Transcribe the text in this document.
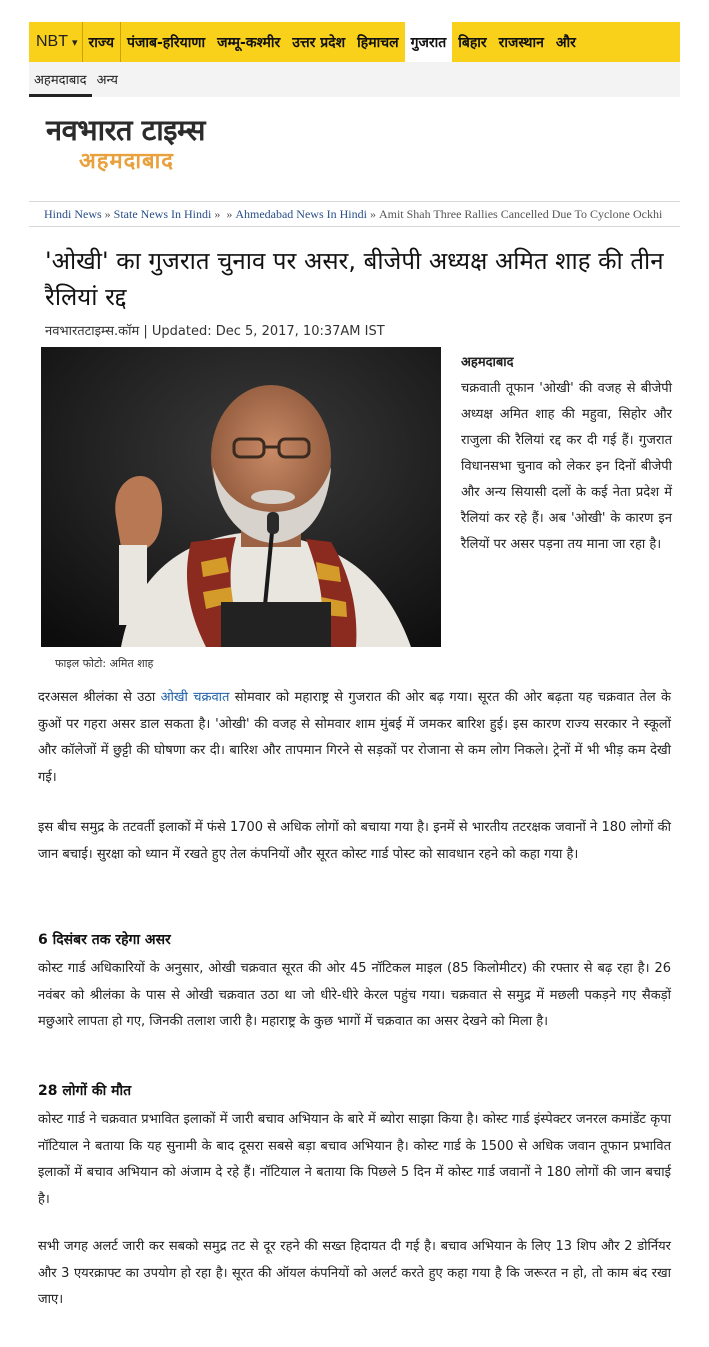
NBT ▾ राज्य पंजाब-हरियाणा जम्मू-कश्मीर उत्तर प्रदेश हिमाचल गुजरात बिहार राजस्थान और
अहमदाबाद अन्य
नवभारत टाइम्स
अहमदाबाद
Hindi News » State News In Hindi » » Ahmedabad News In Hindi » Amit Shah Three Rallies Cancelled Due To Cyclone Ockhi
'ओखी' का गुजरात चुनाव पर असर, बीजेपी अध्यक्ष अमित शाह की तीन रैलियां रद्द
नवभारतटाइम्स.कॉम | Updated: Dec 5, 2017, 10:37AM IST
फाइल फोटो: अमित शाह
अहमदाबाद
चक्रवाती तूफान 'ओखी' की वजह से बीजेपी अध्यक्ष अमित शाह की महुवा, सिहोर और राजुला की रैलियां रद्द कर दी गई हैं। गुजरात विधानसभा चुनाव को लेकर इन दिनों बीजेपी और अन्य सियासी दलों के कई नेता प्रदेश में रैलियां कर रहे हैं। अब 'ओखी' के कारण इन रैलियों पर असर पड़ना तय माना जा रहा है।
दरअसल श्रीलंका से उठा ओखी चक्रवात सोमवार को महाराष्ट्र से गुजरात की ओर बढ़ गया। सूरत की ओर बढ़ता यह चक्रवात तेल के कुओं पर गहरा असर डाल सकता है। 'ओखी' की वजह से सोमवार शाम मुंबई में जमकर बारिश हुई। इस कारण राज्य सरकार ने स्कूलों और कॉलेजों में छुट्टी की घोषणा कर दी। बारिश और तापमान गिरने से सड़कों पर रोजाना से कम लोग निकले। ट्रेनों में भी भीड़ कम देखी गई।
इस बीच समुद्र के तटवर्ती इलाकों में फंसे 1700 से अधिक लोगों को बचाया गया है। इनमें से भारतीय तटरक्षक जवानों ने 180 लोगों की जान बचाई। सुरक्षा को ध्यान में रखते हुए तेल कंपनियों और सूरत कोस्ट गार्ड पोस्ट को सावधान रहने को कहा गया है।
6 दिसंबर तक रहेगा असर
कोस्ट गार्ड अधिकारियों के अनुसार, ओखी चक्रवात सूरत की ओर 45 नॉटिकल माइल (85 किलोमीटर) की रफ्तार से बढ़ रहा है। 26 नवंबर को श्रीलंका के पास से ओखी चक्रवात उठा था जो धीरे-धीरे केरल पहुंच गया। चक्रवात से समुद्र में मछली पकड़ने गए सैकड़ों मछुआरे लापता हो गए, जिनकी तलाश जारी है। महाराष्ट्र के कुछ भागों में चक्रवात का असर देखने को मिला है।
28 लोगों की मौत
कोस्ट गार्ड ने चक्रवात प्रभावित इलाकों में जारी बचाव अभियान के बारे में ब्योरा साझा किया है। कोस्ट गार्ड इंस्पेक्टर जनरल कमांडेंट कृपा नॉटियाल ने बताया कि यह सुनामी के बाद दूसरा सबसे बड़ा बचाव अभियान है। कोस्ट गार्ड के 1500 से अधिक जवान तूफान प्रभावित इलाकों में बचाव अभियान को अंजाम दे रहे हैं। नॉटियाल ने बताया कि पिछले 5 दिन में कोस्ट गार्ड जवानों ने 180 लोगों की जान बचाई है।
सभी जगह अलर्ट जारी कर सबको समुद्र तट से दूर रहने की सख्त हिदायत दी गई है। बचाव अभियान के लिए 13 शिप और 2 डोर्नियर और 3 एयरक्राफ्ट का उपयोग हो रहा है। सूरत की ऑयल कंपनियों को अलर्ट करते हुए कहा गया है कि जरूरत न हो, तो काम बंद रखा जाए।
